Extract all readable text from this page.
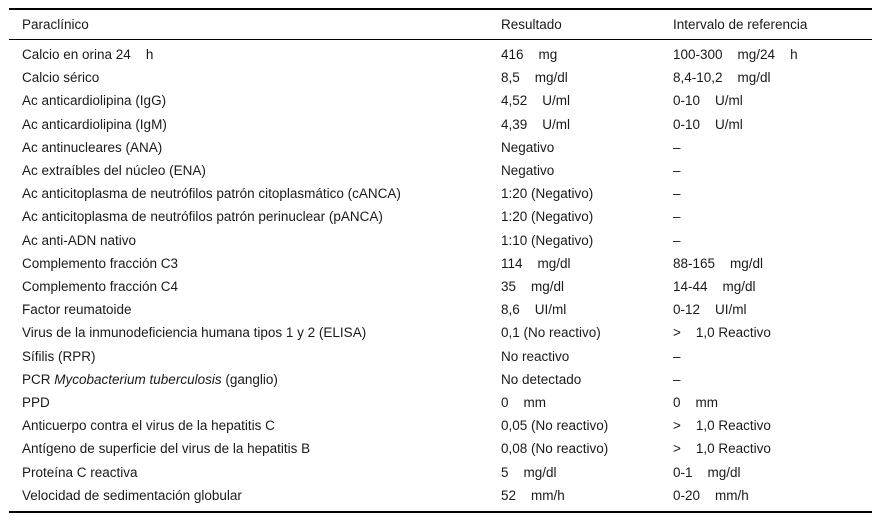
Paraclínico	Resultado	Intervalo de referencia
Calcio en orina 24    h	416    mg	100-300    mg/24    h
Calcio sérico	8,5    mg/dl	8,4-10,2    mg/dl
Ac anticardiolipina (IgG)	4,52    U/ml	0-10    U/ml
Ac anticardiolipina (IgM)	4,39    U/ml	0-10    U/ml
Ac antinucleares (ANA)	Negativo	–
Ac extraíbles del núcleo (ENA)	Negativo	–
Ac anticitoplasma de neutrófilos patrón citoplasmático (cANCA)	1:20 (Negativo)	–
Ac anticitoplasma de neutrófilos patrón perinuclear (pANCA)	1:20 (Negativo)	–
Ac anti-ADN nativo	1:10 (Negativo)	–
Complemento fracción C3	114    mg/dl	88-165    mg/dl
Complemento fracción C4	35    mg/dl	14-44    mg/dl
Factor reumatoide	8,6    UI/ml	0-12    UI/ml
Virus de la inmunodeficiencia humana tipos 1 y 2 (ELISA)	0,1 (No reactivo)	>    1,0 Reactivo
Sífilis (RPR)	No reactivo	–
PCR Mycobacterium tuberculosis (ganglio)	No detectado	–
PPD	0    mm	0    mm
Anticuerpo contra el virus de la hepatitis C	0,05 (No reactivo)	>    1,0 Reactivo
Antígeno de superficie del virus de la hepatitis B	0,08 (No reactivo)	>    1,0 Reactivo
Proteína C reactiva	5    mg/dl	0-1    mg/dl
Velocidad de sedimentación globular	52    mm/h	0-20    mm/h
